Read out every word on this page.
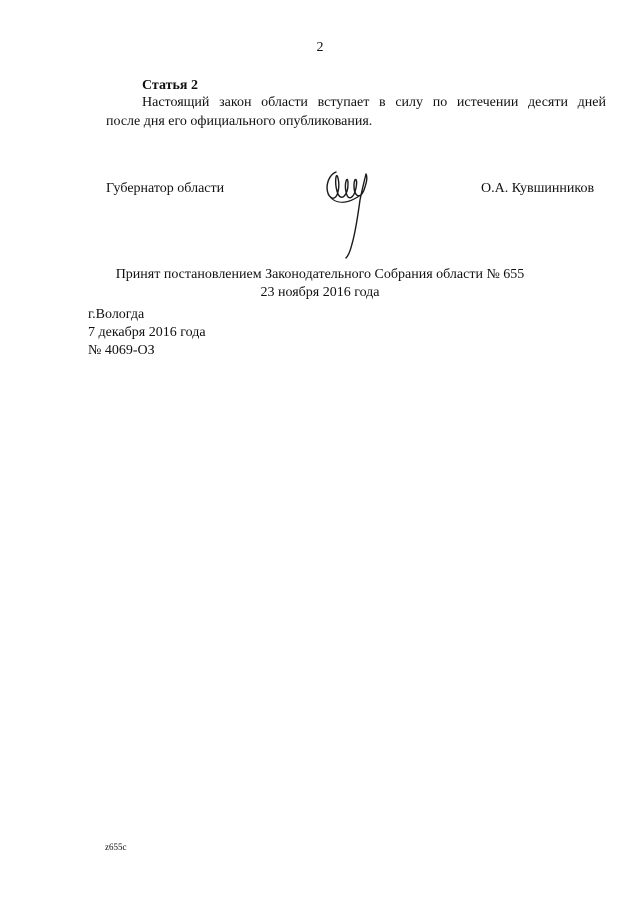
2
Статья 2
Настоящий закон области вступает в силу по истечении десяти дней
после дня его официального опубликования.
Губернатор области	О.А. Кувшинников
Принят постановлением Законодательного Собрания области № 655
23 ноября 2016 года
г.Вологда
7 декабря 2016 года
№ 4069-ОЗ
z655c
